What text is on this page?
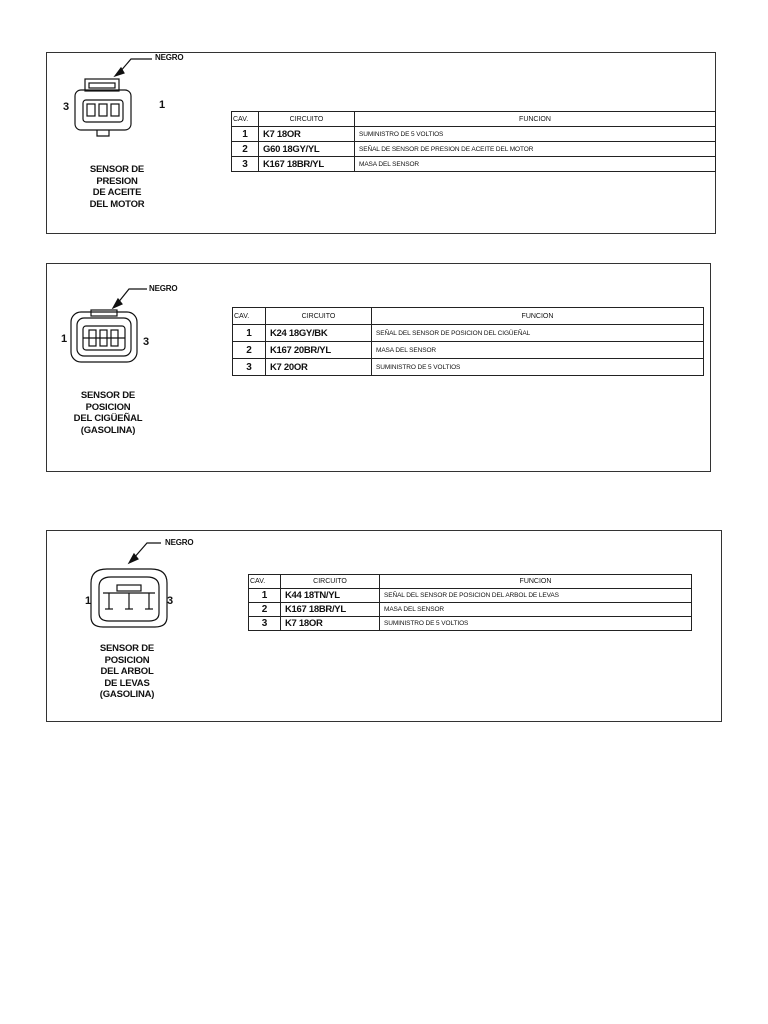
NEGRO
3	1
SENSOR DE
PRESION
DE ACEITE
DEL MOTOR
CAV.	CIRCUITO	FUNCION
1	K7 18OR	SUMINISTRO DE 5 VOLTIOS
2	G60 18GY/YL	SEÑAL DE SENSOR DE PRESION DE ACEITE DEL MOTOR
3	K167 18BR/YL	MASA DEL SENSOR
NEGRO
1	3
SENSOR DE
POSICION
DEL CIGÜEÑAL
(GASOLINA)
CAV.	CIRCUITO	FUNCION
1	K24 18GY/BK	SEÑAL DEL SENSOR DE POSICION DEL CIGÜEÑAL
2	K167 20BR/YL	MASA DEL SENSOR
3	K7 20OR	SUMINISTRO DE 5 VOLTIOS
NEGRO
1	3
SENSOR DE
POSICION
DEL ARBOL
DE LEVAS
(GASOLINA)
CAV.	CIRCUITO	FUNCION
1	K44 18TN/YL	SEÑAL DEL SENSOR DE POSICION DEL ARBOL DE LEVAS
2	K167 18BR/YL	MASA DEL SENSOR
3	K7 18OR	SUMINISTRO DE 5 VOLTIOS
